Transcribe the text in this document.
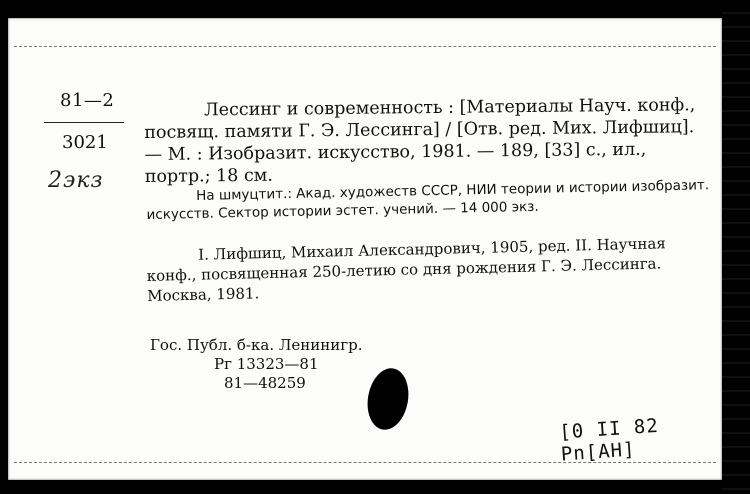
81—2
3021
2экз
Лессинг и современность : [Материалы Науч. конф., посвящ. памяти Г. Э. Лессинга] / [Отв. ред. Мих. Лифшиц]. — М. : Изобразит. искусство, 1981. — 189, [33] с., ил., портр.; 18 см.
На шмуцтит.: Акад. художеств СССР, НИИ теории и истории изобразит. искусств. Сектор истории эстет. учений. — 14 000 экз.
I. Лифшиц, Михаил Александрович, 1905, ред. II. Научная конф., посвященная 250-летию со дня рождения Г. Э. Лессинга. Москва, 1981.
Гос. Публ. б-ка. Ленинигр.
Рг 13323—81
81—48259
[0 II 82 Pn[AH]
